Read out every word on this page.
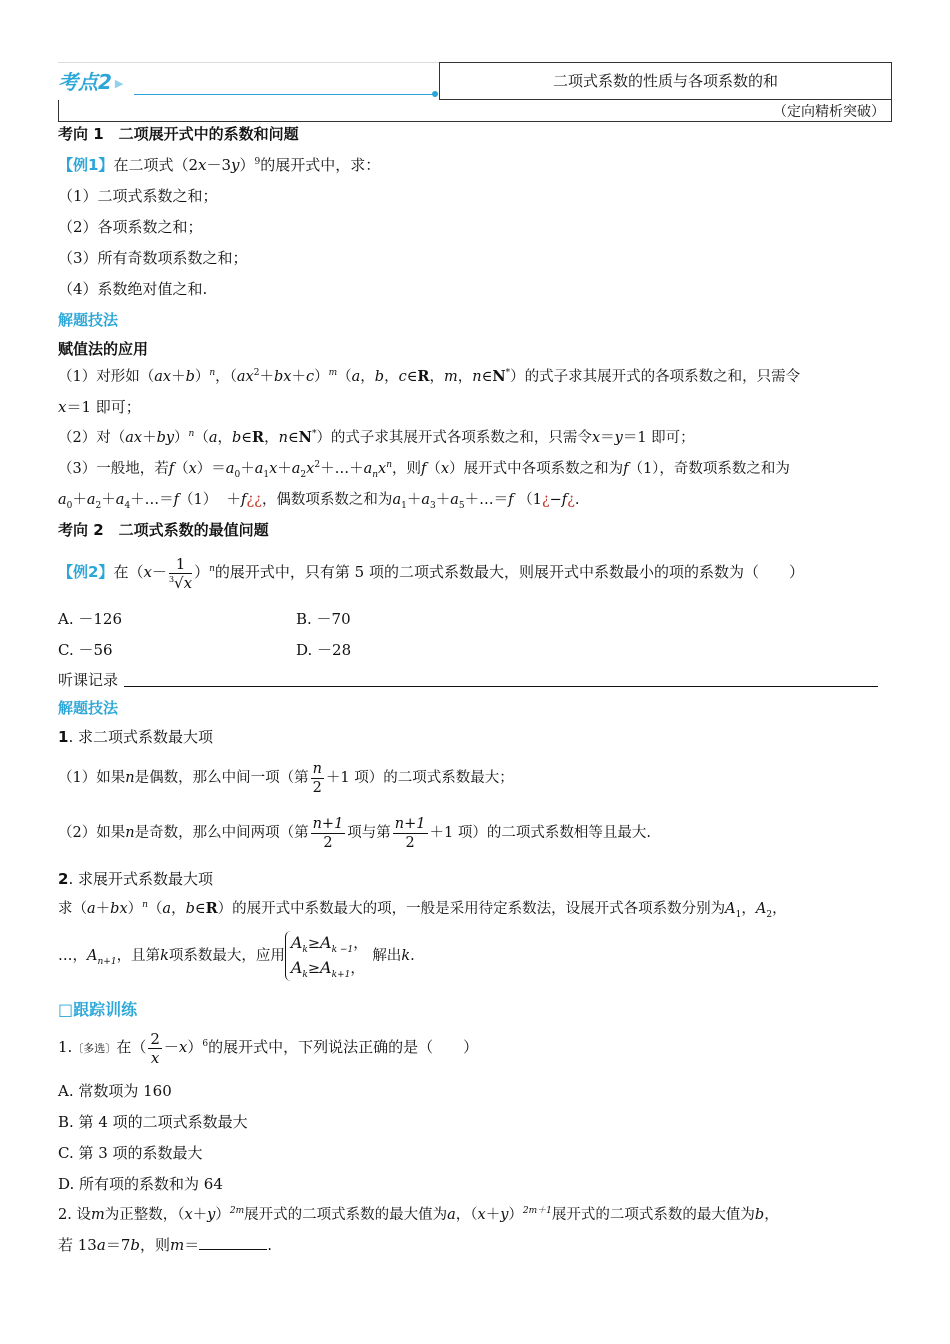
考点2 ▶	二项式系数的性质与各项系数的和
（定向精析突破）
考向 1　二项展开式中的系数和问题
【例1】在二项式$(2x-3y)^9$的展开式中，求：
（1）二项式系数之和；
（2）各项系数之和；
（3）所有奇数项系数之和；
（4）系数绝对值之和.
解题技法
赋值法的应用
（1）对形如$(ax+b)^n$，$(ax^2+bx+c)^m(a$，b，c∈R，m，n∈N*）的式子求其展开式的各项系数之和，只需令
x＝1 即可；
（2）对$(ax+by)^n(a$，b∈R，n∈N*）的式子求其展开式各项系数之和，只需令x＝y＝1 即可；
（3）一般地，若$f(x)=a_0+a_1x+a_2x^2+\dots+a_nx^n$，则f（x）展开式中各项系数之和为f（1），奇数项系数之和为
$a_0+a_2+a_4+\dots=f(1)$ ＋f¿¿，偶数项系数之和为$a_1+a_3+a_5+\dots=f$ （1¿−f¿.
考向 2　二项式系数的最值问题
【例2】在$(x- \frac{1}{^3√x} )^n$的展开式中，只有第 5 项的二项式系数最大，则展开式中系数最小的项的系数为（　　）
A. －126	B. －70
C. －56	D. －28
听课记录
解题技法
1. 求二项式系数最大项
（1）如果n是偶数，那么中间一项（第 $\frac{n}{2} +1$ 项）的二项式系数最大；
（2）如果n是奇数，那么中间两项（第 $\frac{n+1}{2}$ 项与第 $\frac{n+1}{2} +1$ 项）的二项式系数相等且最大.
2. 求展开式系数最大项
求$(a+bx)^n(a$，b∈R）的展开式中系数最大的项，一般是采用待定系数法，设展开式各项系数分别为$A_1$，$A_2$，
…，$A_{n+1}$，且第k项系数最大，应用
$A_k\ge A_{k -1}$，
$A_k\ge A_{k+1}$，
解出k.
□跟踪训练
1.〔多选〕在（ $\frac{2}{x} -x)^6$的展开式中，下列说法正确的是（　　）
A. 常数项为 160
B. 第 4 项的二项式系数最大
C. 第 3 项的系数最大
D. 所有项的系数和为 64
2. 设m为正整数，$(x+y)^{2m}$展开式的二项式系数的最大值为a，$(x+y)^{2m+1}$展开式的二项式系数的最大值为b，
若 13a＝7b，则m＝	.
